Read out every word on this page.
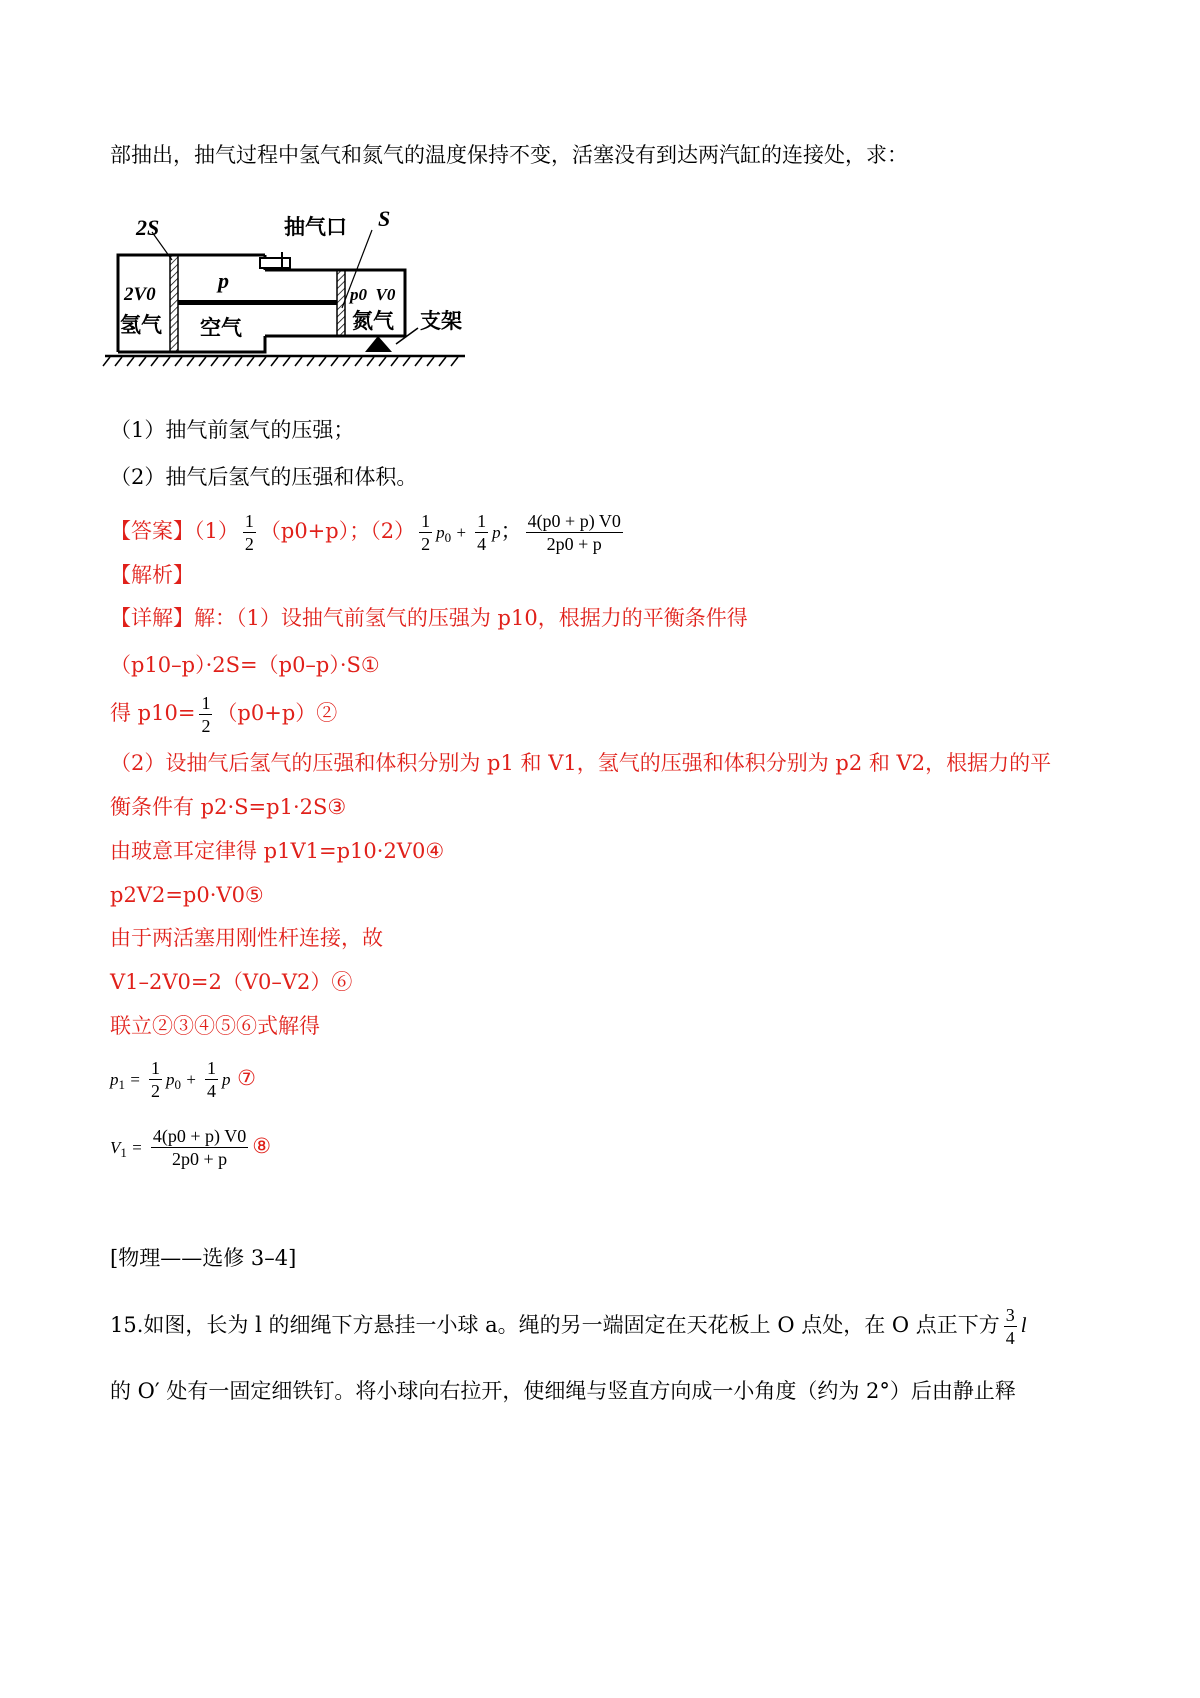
部抽出，抽气过程中氢气和氮气的温度保持不变，活塞没有到达两汽缸的连接处，求：
2S	S
抽气口
p
2V0
氢气 空气
p0  V0
氮气 支架
（1）抽气前氢气的压强；
（2）抽气后氢气的压强和体积。
【答案】$(1) \frac{1}{2} (p0+p)$；$(2) \frac{1}{2} p_0 + \frac{1}{4}$ p； $\frac{4(p0 + p) V0}{2p0 + p}$
【解析】
【详解】解：（1）设抽气前氢气的压强为 p10，根据力的平衡条件得
（p10–p）·2S=（p0–p）·S①
得 $p10= \frac{1}{2}$ （p0+p）②
（2）设抽气后氢气的压强和体积分别为 p1 和 V1，氢气的压强和体积分别为 p2 和 V2，根据力的平
衡条件有 p2·S=p1·2S③
由玻意耳定律得 p1V1=p10·2V0④
p2V2=p0·V0⑤
由于两活塞用刚性杆连接，故
V1–2V0=2（V0–V2）⑥
联立②③④⑤⑥式解得
$p_1 = \frac{1}{2} p_0 + \frac{1}{4}$ p ⑦
$V_1 = \frac{4(p0 + p) V0}{2p0 + p}$ ⑧
[物理——选修 3–4]
15.如图，长为 l 的细绳下方悬挂一小球 a。绳的另一端固定在天花板上 O 点处，在 O 点正下方 $\frac{3}{4}$ l
的 O′ 处有一固定细铁钉。将小球向右拉开，使细绳与竖直方向成一小角度（约为 2°）后由静止释
